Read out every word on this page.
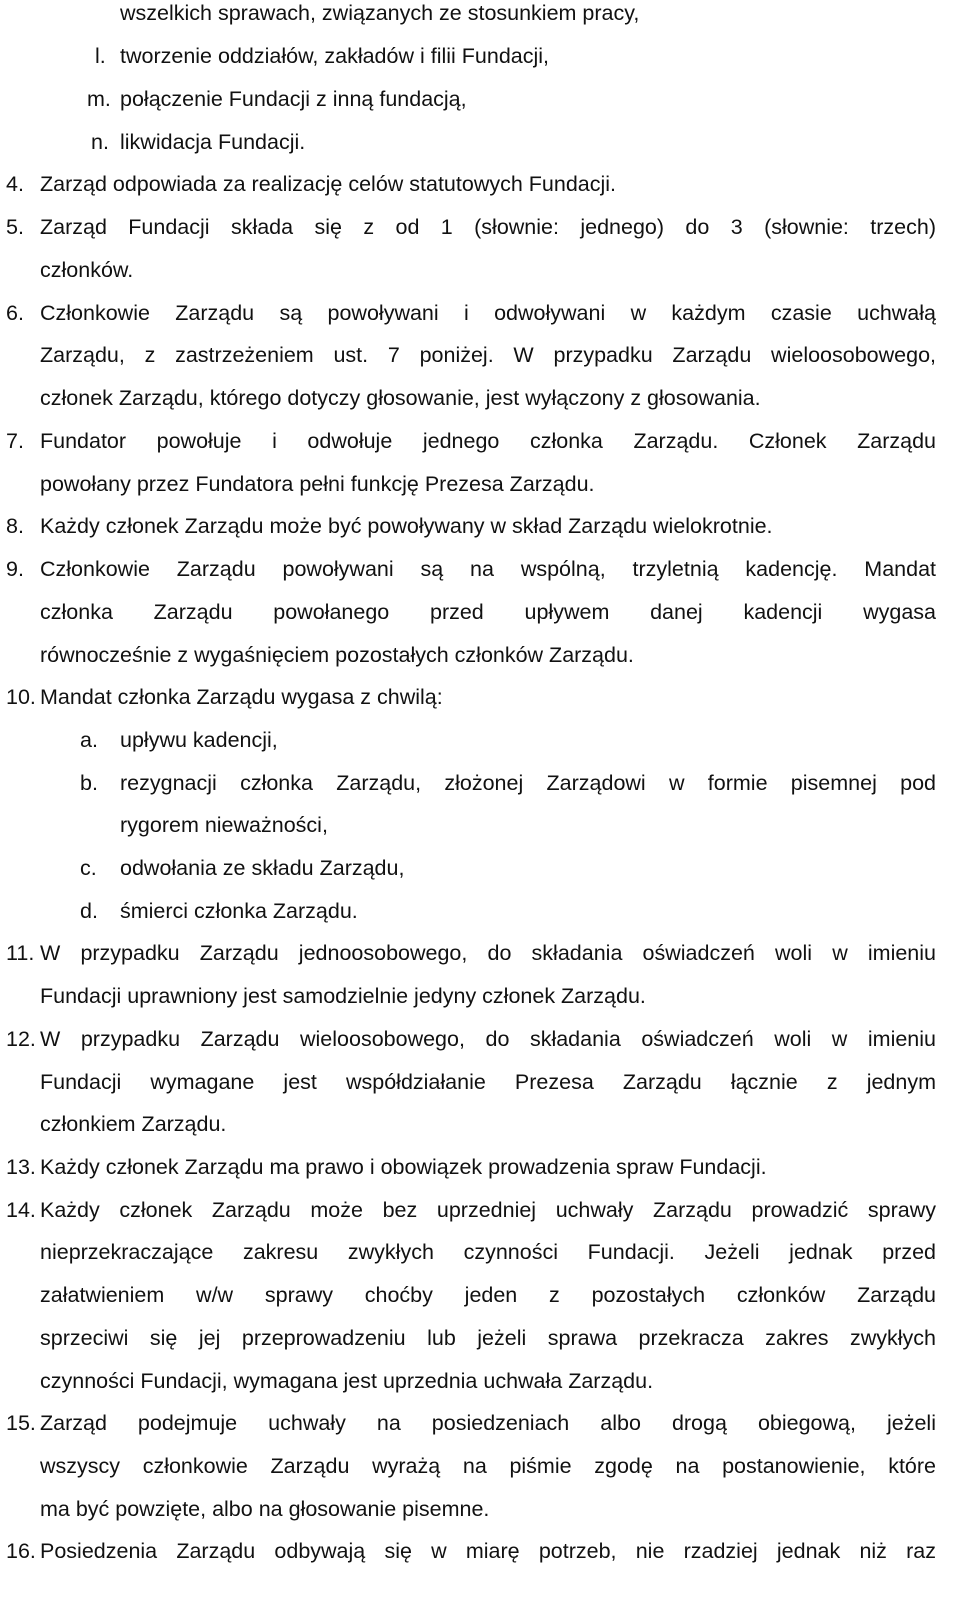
wszelkich sprawach, związanych ze stosunkiem pracy,
l. tworzenie oddziałów, zakładów i filii Fundacji,
m. połączenie Fundacji z inną fundacją,
n. likwidacja Fundacji.
4. Zarząd odpowiada za realizację celów statutowych Fundacji.
5. Zarząd Fundacji składa się z od 1 (słownie: jednego) do 3 (słownie: trzech)
członków.
6. Członkowie Zarządu są powoływani i odwoływani w każdym czasie uchwałą
Zarządu, z zastrzeżeniem ust. 7 poniżej. W przypadku Zarządu wieloosobowego,
członek Zarządu, którego dotyczy głosowanie, jest wyłączony z głosowania.
7. Fundator powołuje i odwołuje jednego członka Zarządu. Członek Zarządu
powołany przez Fundatora pełni funkcję Prezesa Zarządu.
8. Każdy członek Zarządu może być powoływany w skład Zarządu wielokrotnie.
9. Członkowie Zarządu powoływani są na wspólną, trzyletnią kadencję. Mandat
członka Zarządu powołanego przed upływem danej kadencji wygasa
równocześnie z wygaśnięciem pozostałych członków Zarządu.
10. Mandat członka Zarządu wygasa z chwilą:
a. upływu kadencji,
b. rezygnacji członka Zarządu, złożonej Zarządowi w formie pisemnej pod
rygorem nieważności,
c. odwołania ze składu Zarządu,
d. śmierci członka Zarządu.
11. W przypadku Zarządu jednoosobowego, do składania oświadczeń woli w imieniu
Fundacji uprawniony jest samodzielnie jedyny członek Zarządu.
12. W przypadku Zarządu wieloosobowego, do składania oświadczeń woli w imieniu
Fundacji wymagane jest współdziałanie Prezesa Zarządu łącznie z jednym
członkiem Zarządu.
13. Każdy członek Zarządu ma prawo i obowiązek prowadzenia spraw Fundacji.
14. Każdy członek Zarządu może bez uprzedniej uchwały Zarządu prowadzić sprawy
nieprzekraczające zakresu zwykłych czynności Fundacji. Jeżeli jednak przed
załatwieniem w/w sprawy choćby jeden z pozostałych członków Zarządu
sprzeciwi się jej przeprowadzeniu lub jeżeli sprawa przekracza zakres zwykłych
czynności Fundacji, wymagana jest uprzednia uchwała Zarządu.
15. Zarząd podejmuje uchwały na posiedzeniach albo drogą obiegową, jeżeli
wszyscy członkowie Zarządu wyrażą na piśmie zgodę na postanowienie, które
ma być powzięte, albo na głosowanie pisemne.
16. Posiedzenia Zarządu odbywają się w miarę potrzeb, nie rzadziej jednak niż raz
